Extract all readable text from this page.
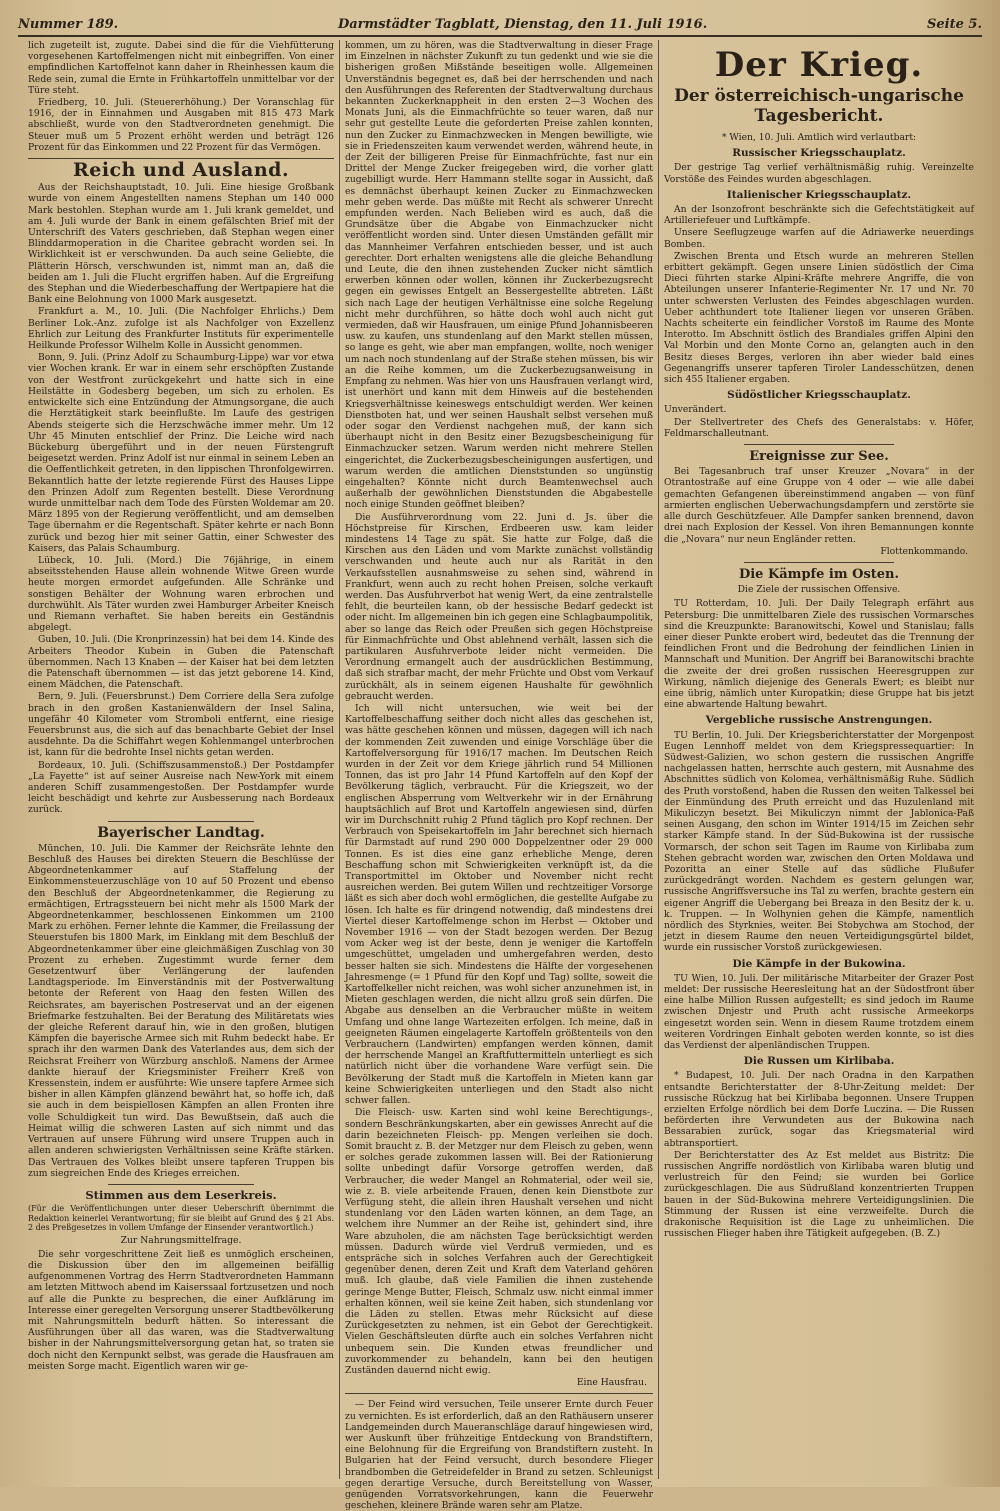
Nummer 189.	Darmstädter Tagblatt, Dienstag, den 11. Juli 1916.	Seite 5.

lich zugeteilt ist, zugute. Dabei sind die für die Viehfütterung vorgesehenen Kartoffelmengen nicht mit einbegriffen. Von einer empfindlichen Kartoffelnot kann daher in Rheinhessen kaum die Rede sein, zumal die Ernte in Frühkartoffeln unmittelbar vor der Türe steht.

Friedberg, 10. Juli. (Steuererhöhung.) Der Voranschlag für 1916, der in Einnahmen und Ausgaben mit 815 473 Mark abschließt, wurde von den Stadtverordneten genehmigt. Die Steuer muß um 5 Prozent erhöht werden und beträgt 126 Prozent für das Einkommen und 22 Prozent für das Vermögen.

Reich und Ausland.

Aus der Reichshauptstadt, 10. Juli. Eine hiesige Großbank wurde von einem Angestellten namens Stephan um 140 000 Mark bestohlen. Stephan wurde am 1. Juli krank gemeldet, und am 4. Juli wurde der Bank in einem gefälschten Brief mit der Unterschrift des Vaters geschrieben, daß Stephan wegen einer Blinddarmoperation in die Charitee gebracht worden sei. In Wirklichkeit ist er verschwunden. Da auch seine Geliebte, die Plätterin Hörsch, verschwunden ist, nimmt man an, daß die beiden am 1. Juli die Flucht ergriffen haben. Auf die Ergreifung des Stephan und die Wiederbeschaffung der Wertpapiere hat die Bank eine Belohnung von 1000 Mark ausgesetzt.

Frankfurt a. M., 10. Juli. (Die Nachfolger Ehrlichs.) Dem Berliner Lok.-Anz. zufolge ist als Nachfolger von Exzellenz Ehrlich zur Leitung des Frankfurter Instituts für experimentelle Heilkunde Professor Wilhelm Kolle in Aussicht genommen.

Bonn, 9. Juli. (Prinz Adolf zu Schaumburg-Lippe) war vor etwa vier Wochen krank. Er war in einem sehr erschöpften Zustande von der Westfront zurückgekehrt und hatte sich in eine Heilstätte in Godesberg begeben, um sich zu erholen. Es entwickelte sich eine Entzündung der Atmungsorgane, die auch die Herztätigkeit stark beeinflußte. Im Laufe des gestrigen Abends steigerte sich die Herzschwäche immer mehr. Um 12 Uhr 45 Minuten entschlief der Prinz. Die Leiche wird nach Bückeburg übergeführt und in der neuen Fürstengruft beigesetzt werden. Prinz Adolf ist nur einmal in seinem Leben an die Oeffentlichkeit getreten, in den lippischen Thronfolgewirren. Bekanntlich hatte der letzte regierende Fürst des Hauses Lippe den Prinzen Adolf zum Regenten bestellt. Diese Verordnung wurde unmittelbar nach dem Tode des Fürsten Woldemar am 20. März 1895 von der Regierung veröffentlicht, und am demselben Tage übernahm er die Regentschaft. Später kehrte er nach Bonn zurück und bezog hier mit seiner Gattin, einer Schwester des Kaisers, das Palais Schaumburg.

Lübeck, 10. Juli. (Mord.) Die 76jährige, in einem abseitsstehenden Hause allein wohnende Witwe Green wurde heute morgen ermordet aufgefunden. Alle Schränke und sonstigen Behälter der Wohnung waren erbrochen und durchwühlt. Als Täter wurden zwei Hamburger Arbeiter Kneisch und Riemann verhaftet. Sie haben bereits ein Geständnis abgelegt.

Guben, 10. Juli. (Die Kronprinzessin) hat bei dem 14. Kinde des Arbeiters Theodor Kubein in Guben die Patenschaft übernommen. Nach 13 Knaben — der Kaiser hat bei dem letzten die Patenschaft übernommen — ist das jetzt geborene 14. Kind, einem Mädchen, die Patenschaft.

Bern, 9. Juli. (Feuersbrunst.) Dem Corriere della Sera zufolge brach in den großen Kastanienwäldern der Insel Salina, ungefähr 40 Kilometer vom Stromboli entfernt, eine riesige Feuersbrunst aus, die sich auf das benachbarte Gebiet der Insel ausdehnte. Da die Schiffahrt wegen Kohlenmangel unterbrochen ist, kann für die bedrohte Insel nichts getan werden.

Bordeaux, 10. Juli. (Schiffszusammenstoß.) Der Postdampfer „La Fayette“ ist auf seiner Ausreise nach New-York mit einem anderen Schiff zusammengestoßen. Der Postdampfer wurde leicht beschädigt und kehrte zur Ausbesserung nach Bordeaux zurück.

Bayerischer Landtag.

München, 10. Juli. Die Kammer der Reichsräte lehnte den Beschluß des Hauses bei direkten Steuern die Beschlüsse der Abgeordnetenkammer auf Staffelung der Einkommensteuerzuschläge von 10 auf 50 Prozent und ebenso den Beschluß der Abgeordnetenkammer, die Regierung zu ermächtigen, Ertragssteuern bei nicht mehr als 1500 Mark der Abgeordnetenkammer, beschlossenen Einkommen um 2100 Mark zu erhöhen. Ferner lehnte die Kammer, die Freilassung der Steuerstufen bis 1800 Mark, im Einklang mit dem Beschluß der Abgeordnetenkammer über eine gleichmäßigen Zuschlag von 30 Prozent zu erheben. Zugestimmt wurde ferner dem Gesetzentwurf über Verlängerung der laufenden Landtagsperiode. Im Einverständnis mit der Postverwaltung betonte der Referent von Haag den festen Willen des Reichsrates, am bayerischen Postreservat und an der eigenen Briefmarke festzuhalten. Bei der Beratung des Militäretats wies der gleiche Referent darauf hin, wie in den großen, blutigen Kämpfen die bayerische Armee sich mit Ruhm bedeckt habe. Er sprach ihr den warmen Dank des Vaterlandes aus, dem sich der Reichsrat Freiherr von Würzburg anschloß. Namens der Armee dankte hierauf der Kriegsminister Freiherr Kreß von Kressenstein, indem er ausführte: Wie unsere tapfere Armee sich bisher in allen Kämpfen glänzend bewährt hat, so hoffe ich, daß sie auch in dem beispiellosen Kämpfen an allen Fronten ihre volle Schuldigkeit tun wird. Das Bewußtsein, daß auch die Heimat willig die schweren Lasten auf sich nimmt und das Vertrauen auf unsere Führung wird unsere Truppen auch in allen anderen schwierigsten Verhältnissen seine Kräfte stärken. Das Vertrauen des Volkes bleibt unsere tapferen Truppen bis zum siegreichen Ende des Krieges erreichen.

Stimmen aus dem Leserkreis.

(Für die Veröffentlichungen unter dieser Ueberschrift übernimmt die Redaktion keinerlei Verantwortung; für sie bleibt auf Grund des § 21 Abs. 2 des Preßgesetzes in vollem Umfange der Einsender verantwortlich.)

Zur Nahrungsmittelfrage.

Die sehr vorgeschrittene Zeit ließ es unmöglich erscheinen, die Diskussion über den im allgemeinen beifällig aufgenommenen Vortrag des Herrn Stadtverordneten Hammann am letzten Mittwoch abend im Kaiserssaal fortzusetzen und noch auf alle die Punkte zu besprechen, die einer Aufklärung im Interesse einer geregelten Versorgung unserer Stadtbevölkerung mit Nahrungsmitteln bedurft hätten. So interessant die Ausführungen über all das waren, was die Stadtverwaltung bisher in der Nahrungsmittelversorgung getan hat, so traten sie doch nicht den Kernpunkt selbst, was gerade die Hausfrauen am meisten Sorge macht. Eigentlich waren wir ge-

kommen, um zu hören, was die Stadtverwaltung in dieser Frage im Einzelnen in nächster Zukunft zu tun gedenkt und wie sie die bisherigen großen Mißstände beseitigen wolle. Allgemeinen Unverständnis begegnet es, daß bei der herrschenden und nach den Ausführungen des Referenten der Stadtverwaltung durchaus bekannten Zuckerknappheit in den ersten 2—3 Wochen des Monats Juni, als die Einmachfrüchte so teuer waren, daß nur sehr gut gestellte Leute die geforderten Preise zahlen konnten, nun den Zucker zu Einmachzwecken in Mengen bewilligte, wie sie in Friedenszeiten kaum verwendet werden, während heute, in der Zeit der billigeren Preise für Einmachfrüchte, fast nur ein Drittel der Menge Zucker freigegeben wird, die vorher glatt zugebilligt wurde. Herr Hammann stellte sogar in Aussicht, daß es demnächst überhaupt keinen Zucker zu Einmachzwecken mehr geben werde. Das müßte mit Recht als schwerer Unrecht empfunden werden. Nach Belieben wird es auch, daß die Grundsätze über die Abgabe von Einmachzucker nicht veröffentlicht worden sind. Unter diesen Umständen gefällt mir das Mannheimer Verfahren entschieden besser, und ist auch gerechter. Dort erhalten wenigstens alle die gleiche Behandlung und Leute, die den ihnen zustehenden Zucker nicht sämtlich erwerben können oder wollen, können ihr Zuckerbezugsrecht gegen ein gewisses Entgelt an Bessergestellte abtreten. Läßt sich nach Lage der heutigen Verhältnisse eine solche Regelung nicht mehr durchführen, so hätte doch wohl auch nicht gut vermieden, daß wir Hausfrauen, um einige Pfund Johannisbeeren usw. zu kaufen, uns stundenlang auf den Markt stellen müssen, so lange es geht, wie aber man empfangen, wollte, noch weniger um nach noch stundenlang auf der Straße stehen müssen, bis wir an die Reihe kommen, um die Zuckerbezugsanweisung in Empfang zu nehmen. Was hier von uns Hausfrauen verlangt wird, ist unerhört und kann mit dem Hinweis auf die bestehenden Kriegsverhältnisse keineswegs entschuldigt werden. Wer keinen Dienstboten hat, und wer seinen Haushalt selbst versehen muß oder sogar den Verdienst nachgehen muß, der kann sich überhaupt nicht in den Besitz einer Bezugsbescheinigung für Einmachzucker setzen. Warum werden nicht mehrere Stellen eingerichtet, die Zuckerbezugsbescheinigungen ausfertigen, und warum werden die amtlichen Dienststunden so ungünstig eingehalten? Könnte nicht durch Beamtenwechsel auch außerhalb der gewöhnlichen Dienststunden die Abgabestelle noch einige Stunden geöffnet bleiben?

Die Ausführverordnung vom 22. Juni d. Js. über die Höchstpreise für Kirschen, Erdbeeren usw. kam leider mindestens 14 Tage zu spät. Sie hatte zur Folge, daß die Kirschen aus den Läden und vom Markte zunächst vollständig verschwanden und heute auch nur als Rarität in den Verkaufsstellen ausnahmsweise zu sehen sind, während in Frankfurt, wenn auch zu recht hohen Preisen, solche verkauft werden. Das Ausfuhrverbot hat wenig Wert, da eine zentralstelle fehlt, die beurteilen kann, ob der hessische Bedarf gedeckt ist oder nicht. Im allgemeinen bin ich gegen eine Schlagbaumpolitik, aber so lange das Reich oder Preußen sich gegen Höchstpreise für Einmachfrüchte und Obst ablehnend verhält, lassen sich die partikularen Ausfuhrverbote leider nicht vermeiden. Die Verordnung ermangelt auch der ausdrücklichen Bestimmung, daß sich strafbar macht, der mehr Früchte und Obst vom Verkauf zurückhält, als in seinem eigenen Haushalte für gewöhnlich gebraucht werden.

Ich will nicht untersuchen, wie weit bei der Kartoffelbeschaffung seither doch nicht alles das geschehen ist, was hätte geschehen können und müssen, dagegen will ich nach der kommenden Zeit zuwenden und einige Vorschläge über die Kartoffelversorgung für 1916/17 machen. Im Deutschen Reich wurden in der Zeit vor dem Kriege jährlich rund 54 Millionen Tonnen, das ist pro Jahr 14 Pfund Kartoffeln auf den Kopf der Bevölkerung täglich, verbraucht. Für die Kriegszeit, wo der englischen Absperrung vom Weltverkehr wir in der Ernährung hauptsächlich auf Brot und Kartoffeln angewiesen sind, dürfen wir im Durchschnitt ruhig 2 Pfund täglich pro Kopf rechnen. Der Verbrauch von Speisekartoffeln im Jahr berechnet sich hiernach für Darmstadt auf rund 290 000 Doppelzentner oder 29 000 Tonnen. Es ist dies eine ganz erhebliche Menge, deren Beschaffung schon mit Schwierigkeiten verknüpft ist, da die Transportmittel im Oktober und November nicht recht ausreichen werden. Bei gutem Willen und rechtzeitiger Vorsorge läßt es sich aber doch wohl ermöglichen, die gestellte Aufgabe zu lösen. Ich halte es für dringend notwendig, daß mindestens drei Viertel dieser Kartoffelmenge schon im Herbst — Oktober und November 1916 — von der Stadt bezogen werden. Der Bezug vom Acker weg ist der beste, denn je weniger die Kartoffeln umgeschüttet, umgeladen und umhergefahren werden, desto besser halten sie sich. Mindestens die Hälfte der vorgesehenen Jahresmenge (= 1 Pfund für den Kopf und Tag) sollte, soweit die Kartoffelkeller nicht reichen, was wohl sicher anzunehmen ist, in Mieten geschlagen werden, die nicht allzu groß sein dürfen. Die Abgabe aus denselben an die Verbraucher müßte in weitem Umfang und ohne lange Wartezeiten erfolgen. Ich meine, daß in geeigneten Räumen eingelagerte Kartoffeln größtenteils von den Verbrauchern (Landwirten) empfangen werden können, damit der herrschende Mangel an Kraftfuttermitteln unterliegt es sich natürlich nicht über die vorhandene Ware verfügt sein. Die Bevölkerung der Stadt muß die Kartoffeln in Mieten kann gar keine Schwierigkeiten unterliegen und den Stadt also nicht schwer fallen.

Die Fleisch- usw. Karten sind wohl keine Berechtigungs-, sondern Beschränkungskarten, aber ein gewisses Anrecht auf die darin bezeichneten Fleisch- pp. Mengen verleihen sie doch. Somit braucht z. B. der Metzger nur dem Fleisch zu geben, wenn er solches gerade zukommen lassen will. Bei der Rationierung sollte unbedingt dafür Vorsorge getroffen werden, daß Verbraucher, die weder Mangel an Rohmaterial, oder weil sie, wie z. B. viele arbeitende Frauen, denen kein Dienstbote zur Verfügung steht, die allein ihren Haushalt versehen und nicht stundenlang vor den Läden warten können, an dem Tage, an welchem ihre Nummer an der Reihe ist, gehindert sind, ihre Ware abzuholen, die am nächsten Tage berücksichtigt werden müssen. Dadurch würde viel Verdruß vermieden, und es entspräche sich in solches Verfahren auch der Gerechtigkeit gegenüber denen, deren Zeit und Kraft dem Vaterland gehören muß. Ich glaube, daß viele Familien die ihnen zustehende geringe Menge Butter, Fleisch, Schmalz usw. nicht einmal immer erhalten können, weil sie keine Zeit haben, sich stundenlang vor die Läden zu stellen. Etwas mehr Rücksicht auf diese Zurückgesetzten zu nehmen, ist ein Gebot der Gerechtigkeit. Vielen Geschäftsleuten dürfte auch ein solches Verfahren nicht unbequem sein. Die Kunden etwas freundlicher und zuvorkommender zu behandeln, kann bei den heutigen Zuständen dauernd nicht ewig.

Eine Hausfrau.

— Der Feind wird versuchen, Teile unserer Ernte durch Feuer zu vernichten. Es ist erforderlich, daß an den Rathäusern unserer Landgemeinden durch Maueranschläge darauf hingewiesen wird, wer Auskunft über frühzeitige Entdeckung von Brandstiftern, eine Belohnung für die Ergreifung von Brandstiftern zusteht. In Bulgarien hat der Feind versucht, durch besondere Flieger brandbomben die Getreidefelder in Brand zu setzen. Schleunigst gegen derartige Versuche, durch Bereitstellung von Wasser, genügenden Vorratsvorkehrungen, kann die Feuerwehr geschehen, kleinere Brände waren sehr am Platze.

Der Krieg.
Der österreichisch-ungarische Tagesbericht.

* Wien, 10. Juli. Amtlich wird verlautbart:

Russischer Kriegsschauplatz.

Der gestrige Tag verlief verhältnismäßig ruhig. Vereinzelte Vorstöße des Feindes wurden abgeschlagen.

Italienischer Kriegsschauplatz.

An der Isonzofront beschränkte sich die Gefechtstätigkeit auf Artilleriefeuer und Luftkämpfe.

Unsere Seeflugzeuge warfen auf die Adriawerke neuerdings Bomben.

Zwischen Brenta und Etsch wurde an mehreren Stellen erbittert gekämpft. Gegen unsere Linien südöstlich der Cima Dieci führten starke Alpini-Kräfte mehrere Angriffe, die von Abteilungen unserer Infanterie-Regimenter Nr. 17 und Nr. 70 unter schwersten Verlusten des Feindes abgeschlagen wurden. Ueber achthundert tote Italiener liegen vor unseren Gräben. Nachts scheiterte ein feindlicher Vorstoß im Raume des Monte Interotto. Im Abschnitt östlich des Brandiales griffen Alpini den Val Morbin und den Monte Corno an, gelangten auch in den Besitz dieses Berges, verloren ihn aber wieder bald eines Gegenangriffs unserer tapferen Tiroler Landesschützen, denen sich 455 Italiener ergaben.

Südöstlicher Kriegsschauplatz.

Unverändert.

Der Stellvertreter des Chefs des Generalstabs: v. Höfer, Feldmarschalleutnant.

Ereignisse zur See.

Bei Tagesanbruch traf unser Kreuzer „Novara“ in der Otrantostraße auf eine Gruppe von 4 oder — wie alle dabei gemachten Gefangenen übereinstimmend angaben — von fünf armierten englischen Ueberwachungsdampfern und zerstörte sie alle durch Geschützfeuer. Alle Dampfer sanken brennend, davon drei nach Explosion der Kessel. Von ihren Bemannungen konnte die „Novara“ nur neun Engländer retten.

Flottenkommando.
Die Kämpfe im Osten.
Die Ziele der russischen Offensive.

TU Rotterdam, 10. Juli. Der Daily Telegraph erfährt aus Petersburg: Die unmittelbaren Ziele des russischen Vormarsches sind die Kreuzpunkte: Baranowitschi, Kowel und Stanislau; falls einer dieser Punkte erobert wird, bedeutet das die Trennung der feindlichen Front und die Bedrohung der feindlichen Linien in Mannschaft und Munition. Der Angriff bei Baranowitschi brachte die zweite der drei großen russischen Heeresgruppen zur Wirkung, nämlich diejenige des Generals Ewert; es bleibt nur eine übrig, nämlich unter Kuropatkin; diese Gruppe hat bis jetzt eine abwartende Haltung bewahrt.

Vergebliche russische Anstrengungen.

TU Berlin, 10. Juli. Der Kriegsberichterstatter der Morgenpost Eugen Lennhoff meldet von dem Kriegspressequartier: In Südwest-Galizien, wo schon gestern die russischen Angriffe nachgelassen hatten, herrschte auch gestern, mit Ausnahme des Abschnittes südlich von Kolomea, verhältnismäßig Ruhe. Südlich des Pruth vorstoßend, haben die Russen den weiten Talkessel bei der Einmündung des Pruth erreicht und das Huzulenland mit Mikuliczyn besetzt. Bei Mikuliczyn nimmt der Jablonica-Paß seinen Ausgang, den schon im Winter 1914/15 im Zeichen sehr starker Kämpfe stand. In der Süd-Bukowina ist der russische Vormarsch, der schon seit Tagen im Raume von Kirlibaba zum Stehen gebracht worden war, zwischen den Orten Moldawa und Pozoritta an einer Stelle auf das südliche Flußufer zurückgedrängt worden. Nachdem es gestern gelungen war, russische Angriffsversuche ins Tal zu werfen, brachte gestern ein eigener Angriff die Uebergang bei Breaza in den Besitz der k. u. k. Truppen. — In Wolhynien gehen die Kämpfe, namentlich nördlich des Styrknies, weiter. Bei Stobychwa am Stochod, der jetzt in diesem Raume den neuen Verteidigungsgürtel bildet, wurde ein russischer Vorstoß zurückgewiesen.

Die Kämpfe in der Bukowina.

TU Wien, 10. Juli. Der militärische Mitarbeiter der Grazer Post meldet: Der russische Heeresleitung hat an der Südostfront über eine halbe Million Russen aufgestellt; es sind jedoch im Raume zwischen Dnjestr und Pruth acht russische Armeekorps eingesetzt worden sein. Wenn in diesem Raume trotzdem einem weiteren Vordringen Einhalt geboten werden konnte, so ist dies das Verdienst der alpenländischen Truppen.

Die Russen um Kirlibaba.

* Budapest, 10. Juli. Der nach Oradna in den Karpathen entsandte Berichterstatter der 8-Uhr-Zeitung meldet: Der russische Rückzug hat bei Kirlibaba begonnen. Unsere Truppen erzielten Erfolge nördlich bei dem Dorfe Luczina. — Die Russen beförderten ihre Verwundeten aus der Bukowina nach Bessarabien zurück, sogar das Kriegsmaterial wird abtransportiert.

Der Berichterstatter des Az Est meldet aus Bistritz: Die russischen Angriffe nordöstlich von Kirlibaba waren blutig und verlustreich für den Feind; sie wurden bei Gorlice zurückgeschlagen. Die aus Südrußland konzentrierten Truppen bauen in der Süd-Bukowina mehrere Verteidigungslinien. Die Stimmung der Russen ist eine verzweifelte. Durch die drakonische Requisition ist die Lage zu unheimlichen. Die russischen Flieger haben ihre Tätigkeit aufgegeben. (B. Z.)
